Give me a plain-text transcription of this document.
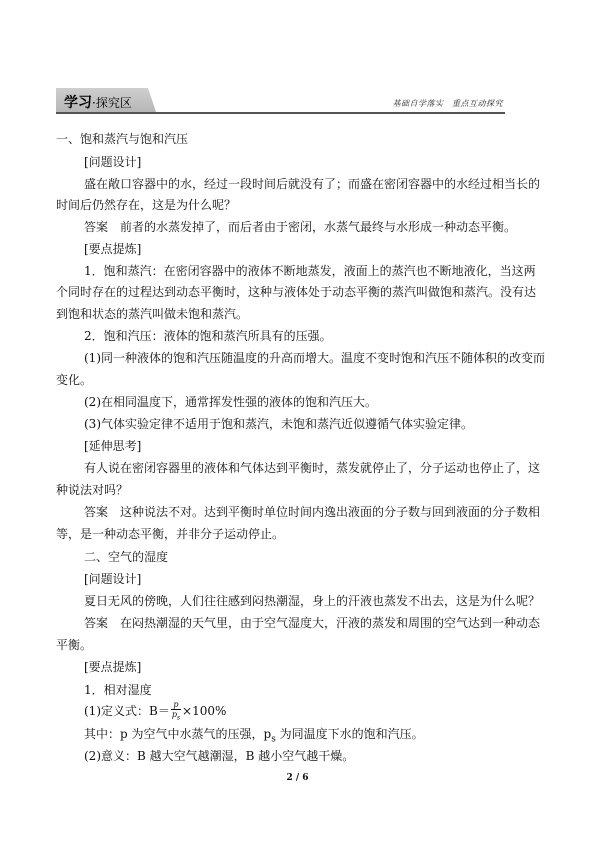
学习·探究区	基础自学落实　重点互动探究
一、饱和蒸汽与饱和汽压
[问题设计]
盛在敞口容器中的水，经过一段时间后就没有了；而盛在密闭容器中的水经过相当长的
时间后仍然存在，这是为什么呢？
答案　前者的水蒸发掉了，而后者由于密闭，水蒸气最终与水形成一种动态平衡。
[要点提炼]
1．饱和蒸汽：在密闭容器中的液体不断地蒸发，液面上的蒸汽也不断地液化，当这两
个同时存在的过程达到动态平衡时，这种与液体处于动态平衡的蒸汽叫做饱和蒸汽。没有达
到饱和状态的蒸汽叫做未饱和蒸汽。
2．饱和汽压：液体的饱和蒸汽所具有的压强。
(1)同一种液体的饱和汽压随温度的升高而增大。温度不变时饱和汽压不随体积的改变而
变化。
(2)在相同温度下，通常挥发性强的液体的饱和汽压大。
(3)气体实验定律不适用于饱和蒸汽，未饱和蒸汽近似遵循气体实验定律。
[延伸思考]
有人说在密闭容器里的液体和气体达到平衡时，蒸发就停止了，分子运动也停止了，这
种说法对吗？
答案　这种说法不对。达到平衡时单位时间内逸出液面的分子数与回到液面的分子数相
等，是一种动态平衡，并非分子运动停止。
二、空气的湿度
[问题设计]
夏日无风的傍晚，人们往往感到闷热潮湿，身上的汗液也蒸发不出去，这是为什么呢？
答案　在闷热潮湿的天气里，由于空气湿度大，汗液的蒸发和周围的空气达到一种动态
平衡。
[要点提炼]
1．相对湿度
(1)定义式：$B= \frac{p}{p_s} \times 100\%$
其中：p 为空气中水蒸气的压强，$p_s$ 为同温度下水的饱和汽压。
(2)意义：B 越大空气越潮湿，B 越小空气越干燥。
2 / 6
